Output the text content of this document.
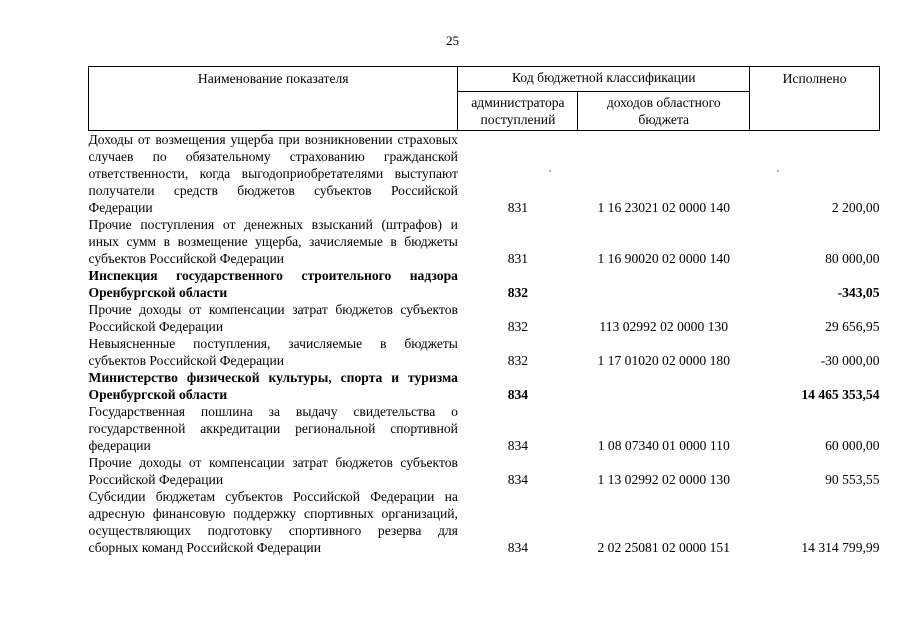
25
Наименование показателя	Код бюджетной классификации		Исполнено
	администратора поступлений	доходов областного бюджета	
Доходы от возмещения ущерба при возникновении страховых случаев по обязательному страхованию гражданской ответственности, когда выгодоприобретателями выступают получатели средств бюджетов субъектов Российской Федерации	831	1 16 23021 02 0000 140	2 200,00
Прочие поступления от денежных взысканий (штрафов) и иных сумм в возмещение ущерба, зачисляемые в бюджеты субъектов Российской Федерации	831	1 16 90020 02 0000 140	80 000,00
Инспекция государственного строительного надзора Оренбургской области	832		-343,05
Прочие доходы от компенсации затрат бюджетов субъектов Российской Федерации	832	113 02992 02 0000 130	29 656,95
Невыясненные поступления, зачисляемые в бюджеты субъектов Российской Федерации	832	1 17 01020 02 0000 180	-30 000,00
Министерство физической культуры, спорта и туризма Оренбургской области	834		14 465 353,54
Государственная пошлина за выдачу свидетельства о государственной аккредитации региональной спортивной федерации	834	1 08 07340 01 0000 110	60 000,00
Прочие доходы от компенсации затрат бюджетов субъектов Российской Федерации	834	1 13 02992 02 0000 130	90 553,55
Субсидии бюджетам субъектов Российской Федерации на адресную финансовую поддержку спортивных организаций, осуществляющих подготовку спортивного резерва для сборных команд Российской Федерации	834	2 02 25081 02 0000 151	14 314 799,99
